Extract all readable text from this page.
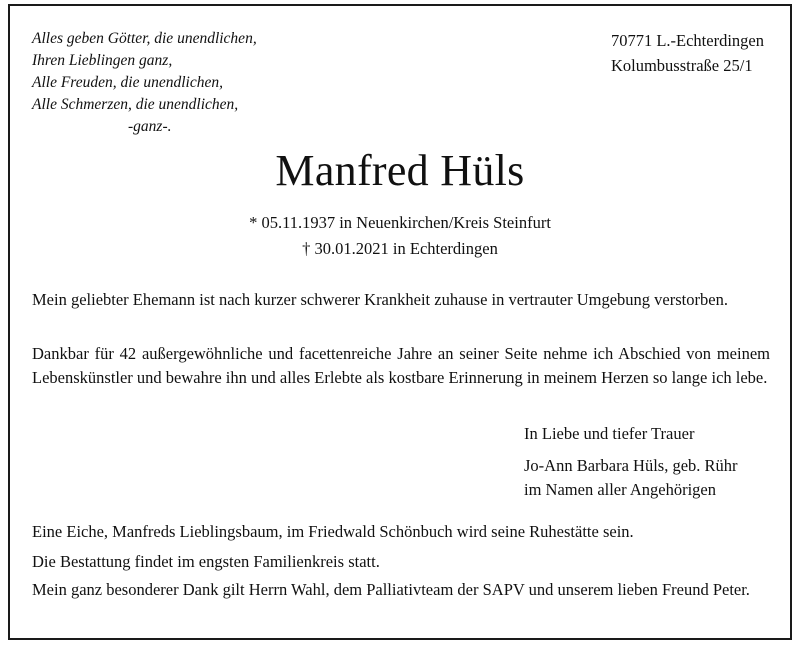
Alles geben Götter, die unendlichen,
Ihren Lieblingen ganz,
Alle Freuden, die unendlichen,
Alle Schmerzen, die unendlichen,
-ganz-.
70771 L.-Echterdingen
Kolumbusstraße 25/1
Manfred Hüls
* 05.11.1937 in Neuenkirchen/Kreis Steinfurt
† 30.01.2021 in Echterdingen
Mein geliebter Ehemann ist nach kurzer schwerer Krankheit zuhause in vertrauter Umgebung verstorben.
Dankbar für 42 außergewöhnliche und facettenreiche Jahre an seiner Seite nehme ich Abschied von meinem Lebenskünstler und bewahre ihn und alles Erlebte als kostbare Erinnerung in meinem Herzen so lange ich lebe.
In Liebe und tiefer Trauer
Jo-Ann Barbara Hüls, geb. Rühr
im Namen aller Angehörigen
Eine Eiche, Manfreds Lieblingsbaum, im Friedwald Schönbuch wird seine Ruhestätte sein.
Die Bestattung findet im engsten Familienkreis statt.
Mein ganz besonderer Dank gilt Herrn Wahl, dem Palliativteam der SAPV und unserem lieben Freund Peter.
